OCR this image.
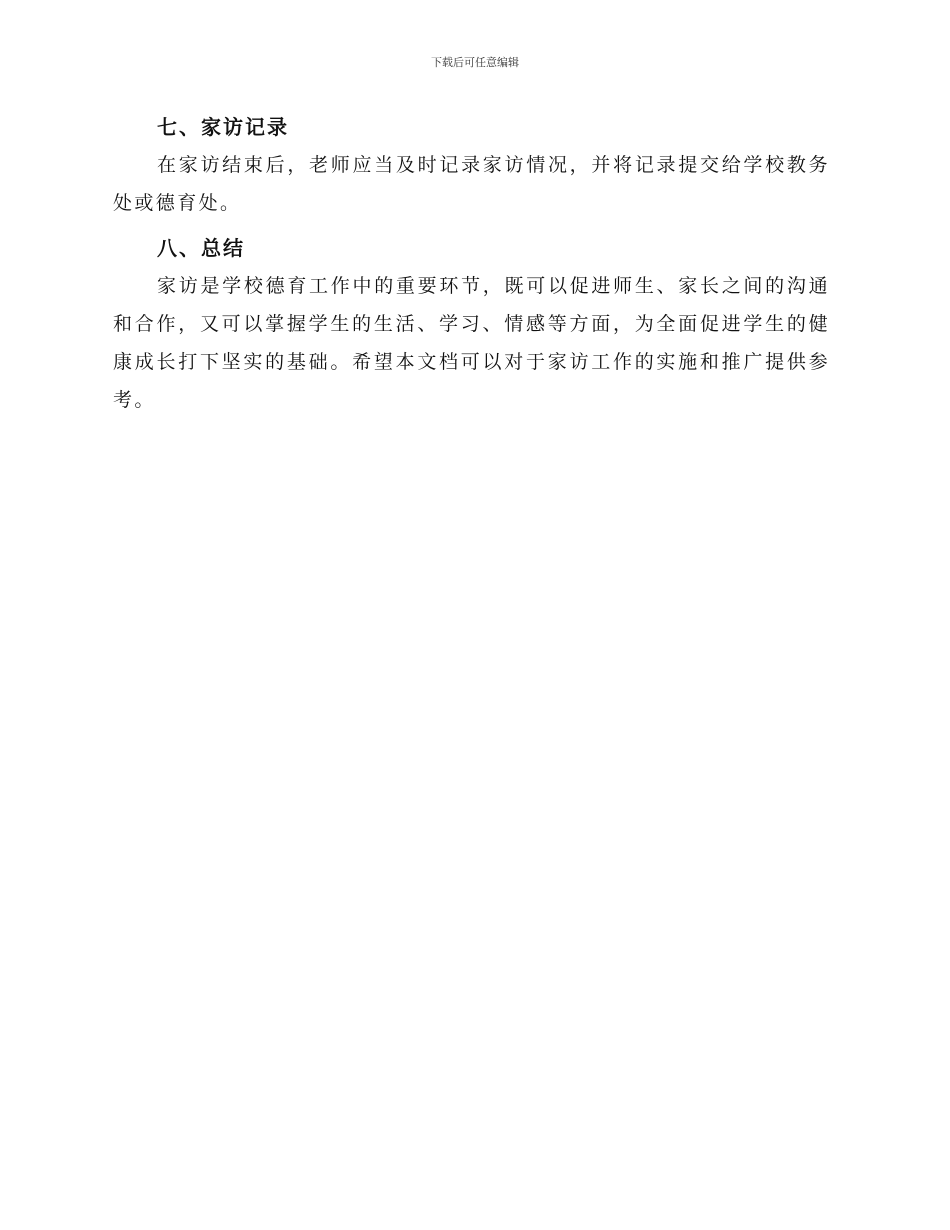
下载后可任意编辑
七、家访记录

在家访结束后，老师应当及时记录家访情况，并将记录提交给学校教务处或德育处。

八、总结

家访是学校德育工作中的重要环节，既可以促进师生、家长之间的沟通和合作，又可以掌握学生的生活、学习、情感等方面，为全面促进学生的健康成长打下坚实的基础。希望本文档可以对于家访工作的实施和推广提供参考。
